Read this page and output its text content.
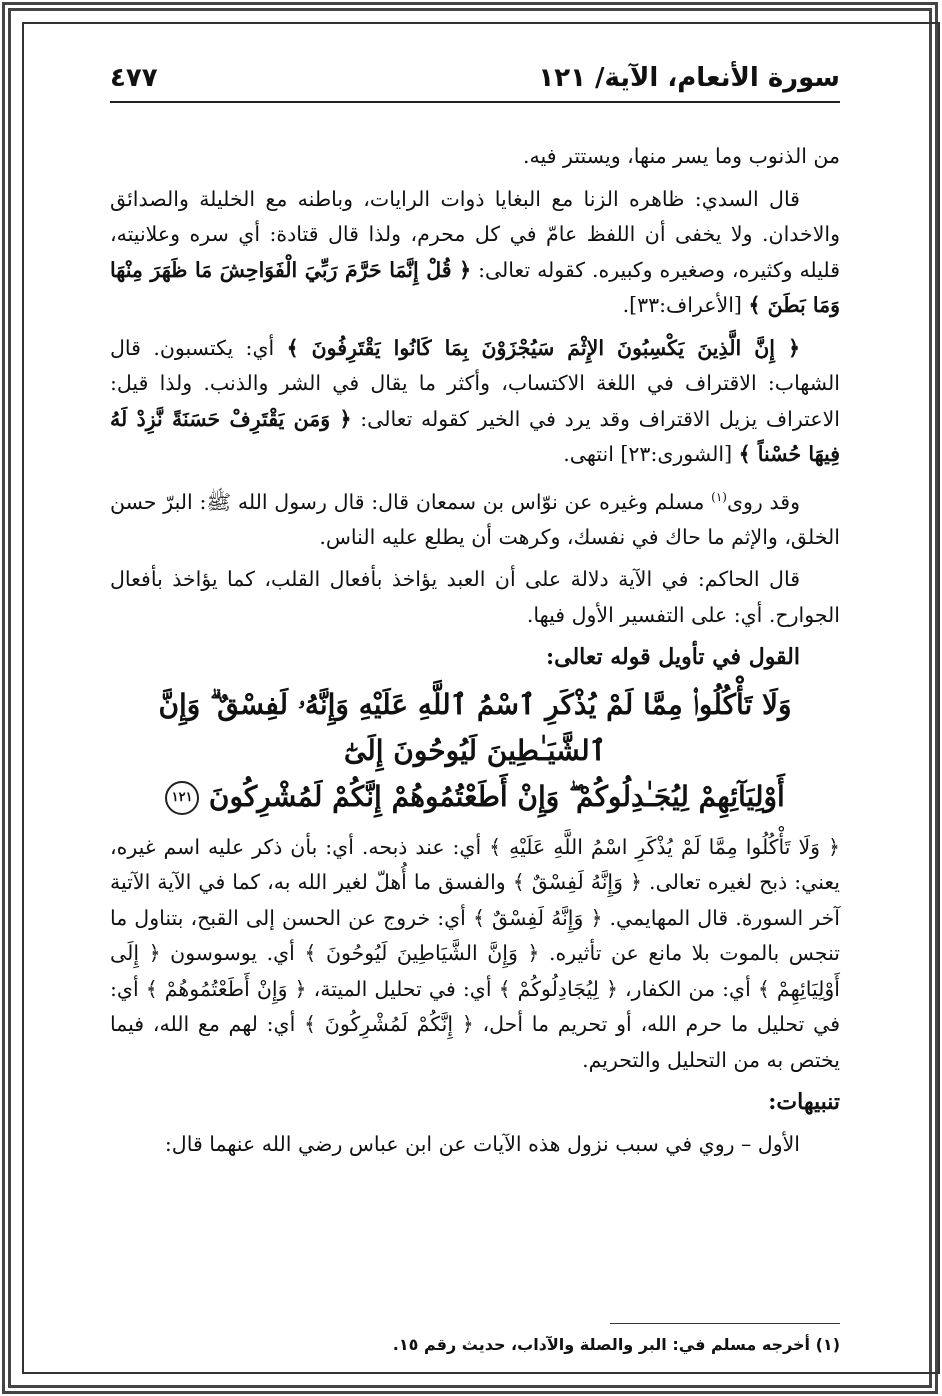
سورة الأنعام، الآية/ ١٢١
٤٧٧

من الذنوب وما يسر منها، ويستتر فيه.

قال السدي: ظاهره الزنا مع البغايا ذوات الرايات، وباطنه مع الخليلة والصدائق والاخدان. ولا يخفى أن اللفظ عامّ في كل محرم، ولذا قال قتادة: أي سره وعلانيته، قليله وكثيره، وصغيره وكبيره. كقوله تعالى: ﴿ قُلْ إِنَّمَا حَرَّمَ رَبِّيَ الْفَوَاحِشَ مَا ظَهَرَ مِنْهَا وَمَا بَطَنَ ﴾ [الأعراف:٣٣].

﴿ إِنَّ الَّذِينَ يَكْسِبُونَ الإِثْمَ سَيُجْزَوْنَ بِمَا كَانُوا يَقْتَرِفُونَ ﴾ أي: يكتسبون. قال الشهاب: الاقتراف في اللغة الاكتساب، وأكثر ما يقال في الشر والذنب. ولذا قيل: الاعتراف يزيل الاقتراف وقد يرد في الخير كقوله تعالى: ﴿ وَمَن يَقْتَرِفْ حَسَنَةً نَّزِدْ لَهُ فِيهَا حُسْناً ﴾ [الشورى:٢٣] انتهى.

وقد روى$^{(١)}$ مسلم وغيره عن نوّاس بن سمعان قال: قال رسول الله ﷺ: البرّ حسن الخلق، والإثم ما حاك في نفسك، وكرهت أن يطلع عليه الناس.

قال الحاكم: في الآية دلالة على أن العبد يؤاخذ بأفعال القلب، كما يؤاخذ بأفعال الجوارح. أي: على التفسير الأول فيها.

القول في تأويل قوله تعالى:

وَلَا تَأْكُلُوا۟ مِمَّا لَمْ يُذْكَرِ ٱسْمُ ٱللَّهِ عَلَيْهِ وَإِنَّهُۥ لَفِسْقٌ ۗ وَإِنَّ ٱلشَّيَـٰطِينَ لَيُوحُونَ إِلَىٰٓ
أَوْلِيَآئِهِمْ لِيُجَـٰدِلُوكُمْ ۖ وَإِنْ أَطَعْتُمُوهُمْ إِنَّكُمْ لَمُشْرِكُونَ ١٢١

﴿ وَلَا تَأْكُلُوا مِمَّا لَمْ يُذْكَرِ اسْمُ اللَّهِ عَلَيْهِ ﴾ أي: عند ذبحه. أي: بأن ذكر عليه اسم غيره، يعني: ذبح لغيره تعالى. ﴿ وَإِنَّهُ لَفِسْقٌ ﴾ والفسق ما أُهلّ لغير الله به، كما في الآية الآتية آخر السورة. قال المهايمي. ﴿ وَإِنَّهُ لَفِسْقٌ ﴾ أي: خروج عن الحسن إلى القبح، بتناول ما تنجس بالموت بلا مانع عن تأثيره. ﴿ وَإِنَّ الشَّيَاطِينَ لَيُوحُونَ ﴾ أي. يوسوسون ﴿ إِلَى أَوْلِيَائِهِمْ ﴾ أي: من الكفار، ﴿ لِيُجَادِلُوكُمْ ﴾ أي: في تحليل الميتة، ﴿ وَإِنْ أَطَعْتُمُوهُمْ ﴾ أي: في تحليل ما حرم الله، أو تحريم ما أحل، ﴿ إِنَّكُمْ لَمُشْرِكُونَ ﴾ أي: لهم مع الله، فيما يختص به من التحليل والتحريم.

تنبيهات:

الأول – روي في سبب نزول هذه الآيات عن ابن عباس رضي الله عنهما قال:

(١) أخرجه مسلم في: البر والصلة والآداب، حديث رقم ١٥.
